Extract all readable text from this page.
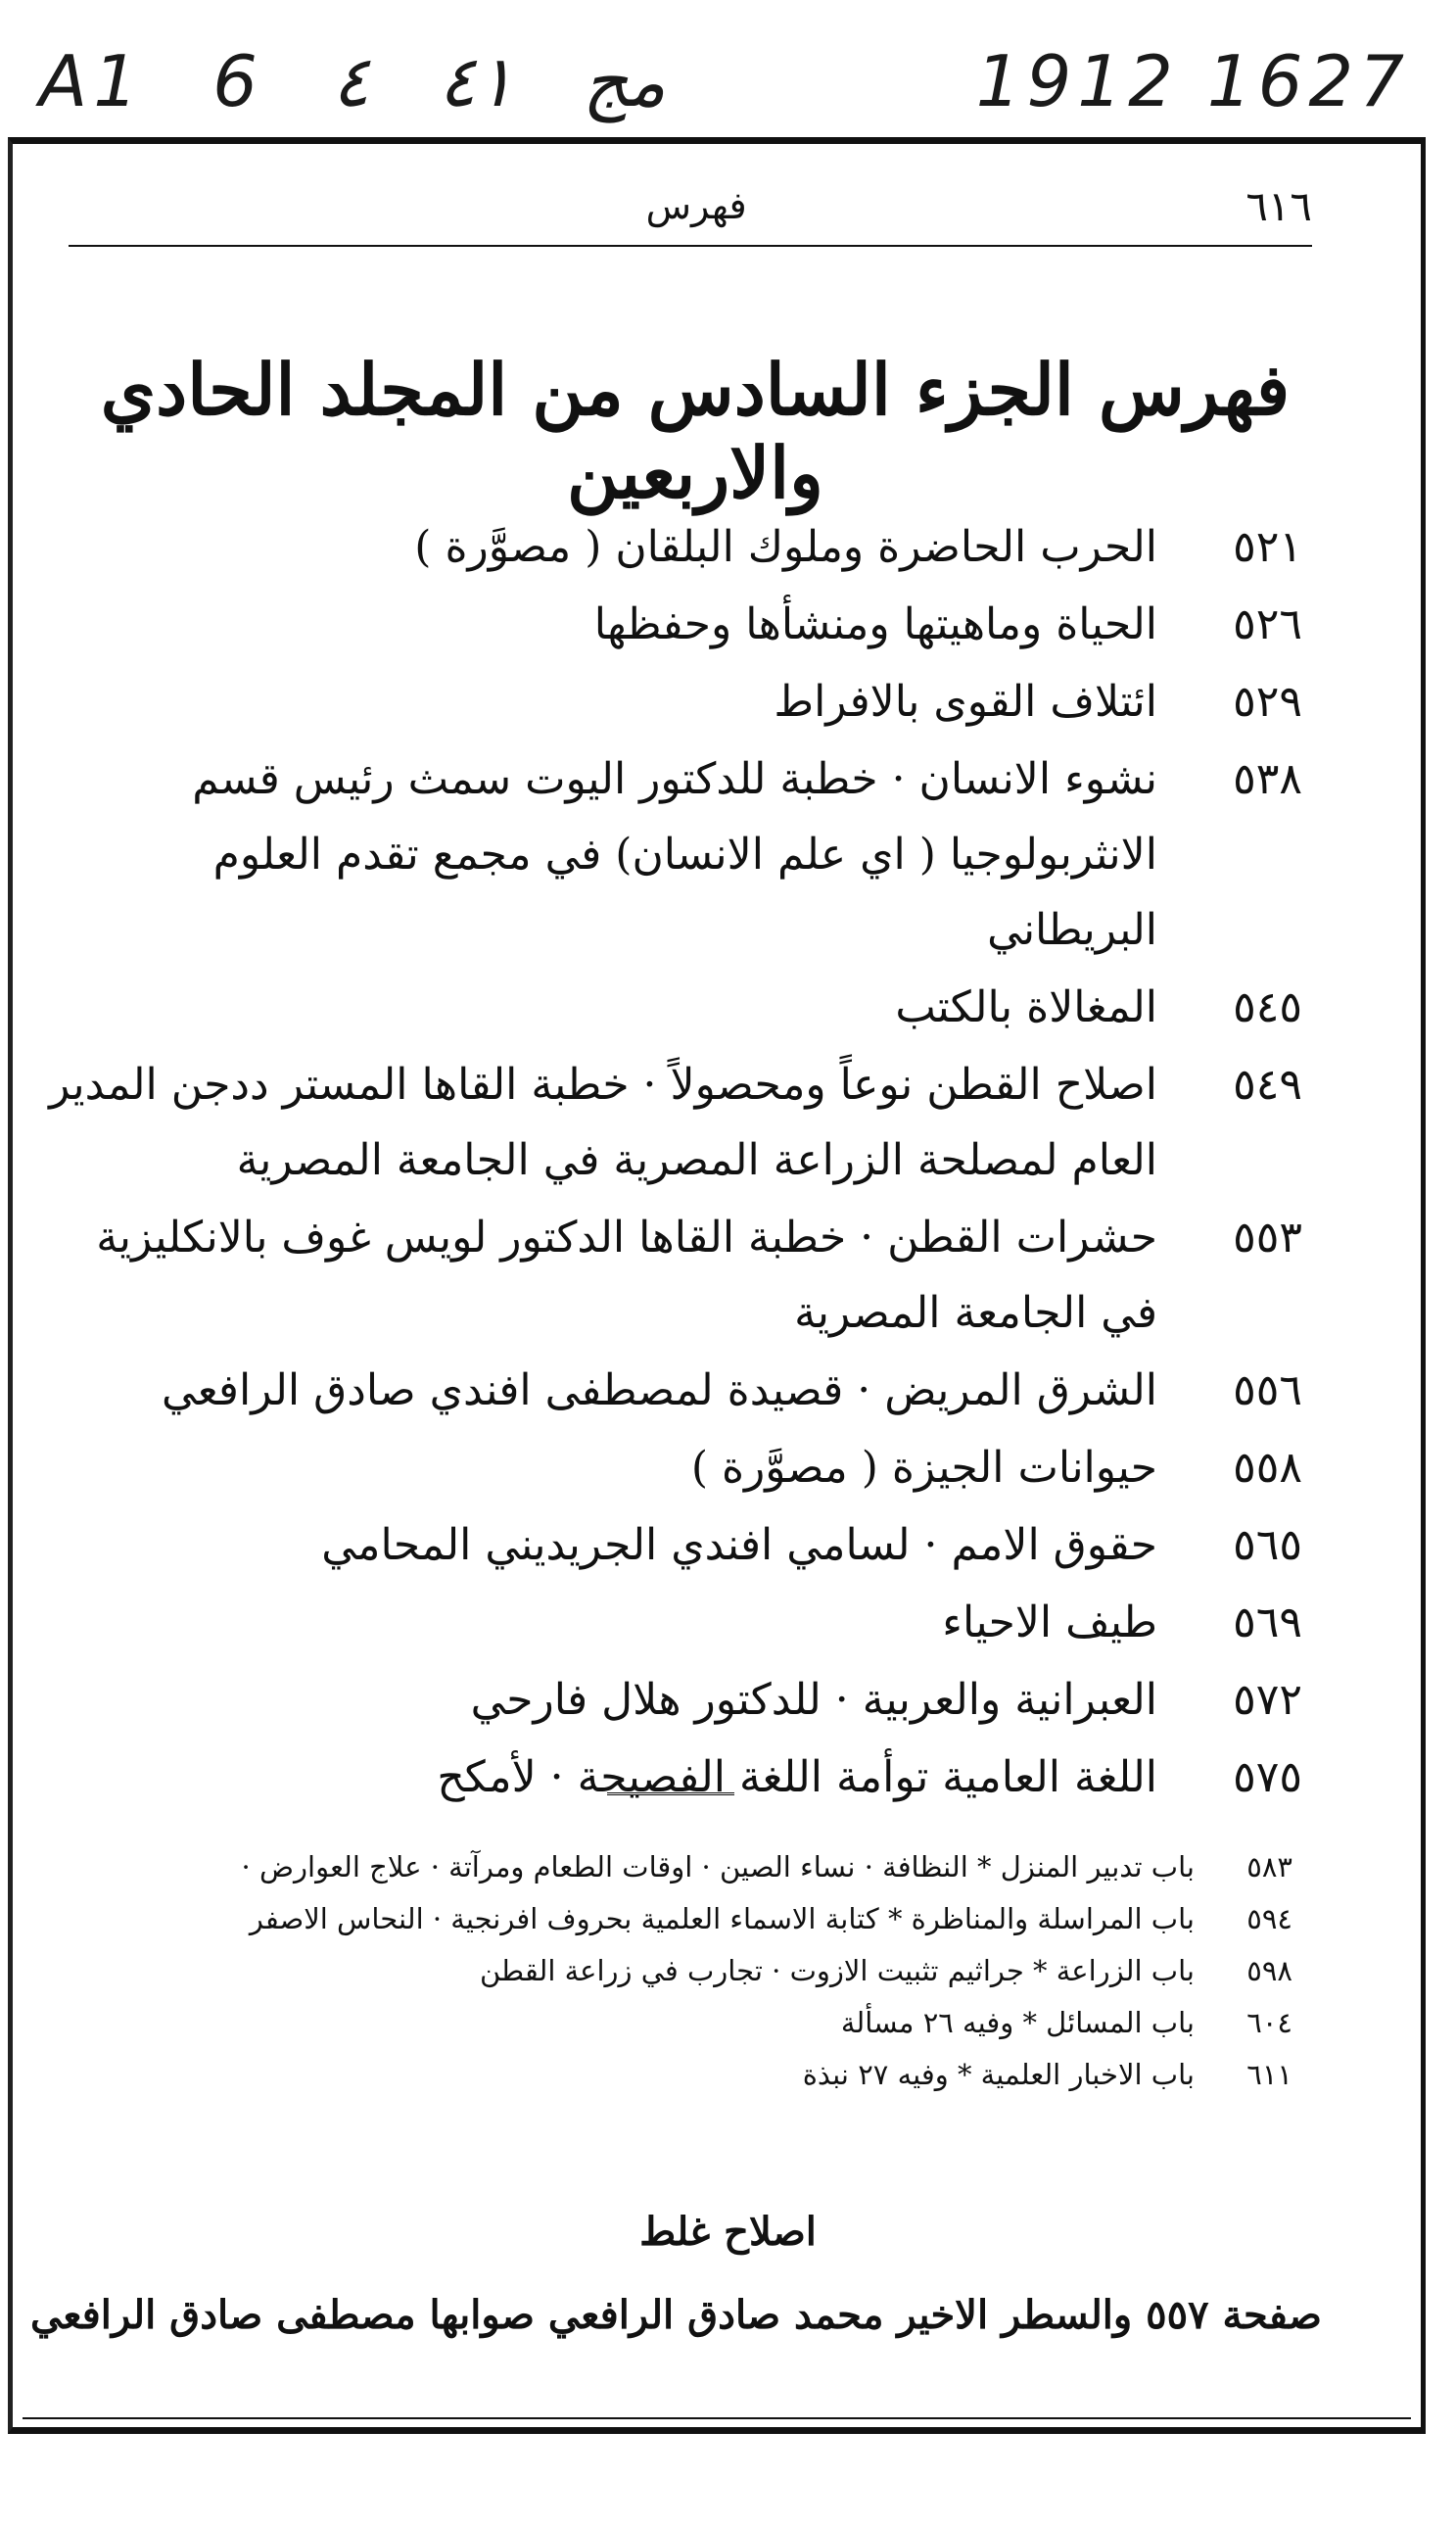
A1 6 ٤ ٤١ مج	1912 1627
فهرس	٦١٦
فهرس الجزء السادس من المجلد الحادي والاربعين
٥٢١
الحرب الحاضرة وملوك البلقان ( مصوَّرة )
٥٢٦
الحياة وماهيتها ومنشأها وحفظها
٥٢٩
ائتلاف القوى بالافراط
٥٣٨
نشوء الانسان · خطبة للدكتور اليوت سمث رئيس قسم الانثربولوجيا ( اي علم الانسان) في مجمع تقدم العلوم البريطاني
٥٤٥
المغالاة بالكتب
٥٤٩
اصلاح القطن نوعاً ومحصولاً · خطبة القاها المستر ددجن المدير العام لمصلحة الزراعة المصرية في الجامعة المصرية
٥٥٣
حشرات القطن · خطبة القاها الدكتور لويس غوف بالانكليزية في الجامعة المصرية
٥٥٦
الشرق المريض · قصيدة لمصطفى افندي صادق الرافعي
٥٥٨
حيوانات الجيزة ( مصوَّرة )
٥٦٥
حقوق الامم · لسامي افندي الجريديني المحامي
٥٦٩
طيف الاحياء
٥٧٢
العبرانية والعربية · للدكتور هلال فارحي
٥٧٥
اللغة العامية توأمة اللغة الفصيحة · لأمكح
٥٨٣
باب تدبير المنزل * النظافة · نساء الصين · اوقات الطعام ومرآتة · علاج العوارض ·
٥٩٤
باب المراسلة والمناظرة * كتابة الاسماء العلمية بحروف افرنجية · النحاس الاصفر
٥٩٨
باب الزراعة * جراثيم تثبيت الازوت · تجارب في زراعة القطن
٦٠٤
باب المسائل * وفيه ٢٦ مسألة
٦١١
باب الاخبار العلمية * وفيه ٢٧ نبذة
اصلاح غلط
صفحة ٥٥٧ والسطر الاخير محمد صادق الرافعي صوابها مصطفى صادق الرافعي
